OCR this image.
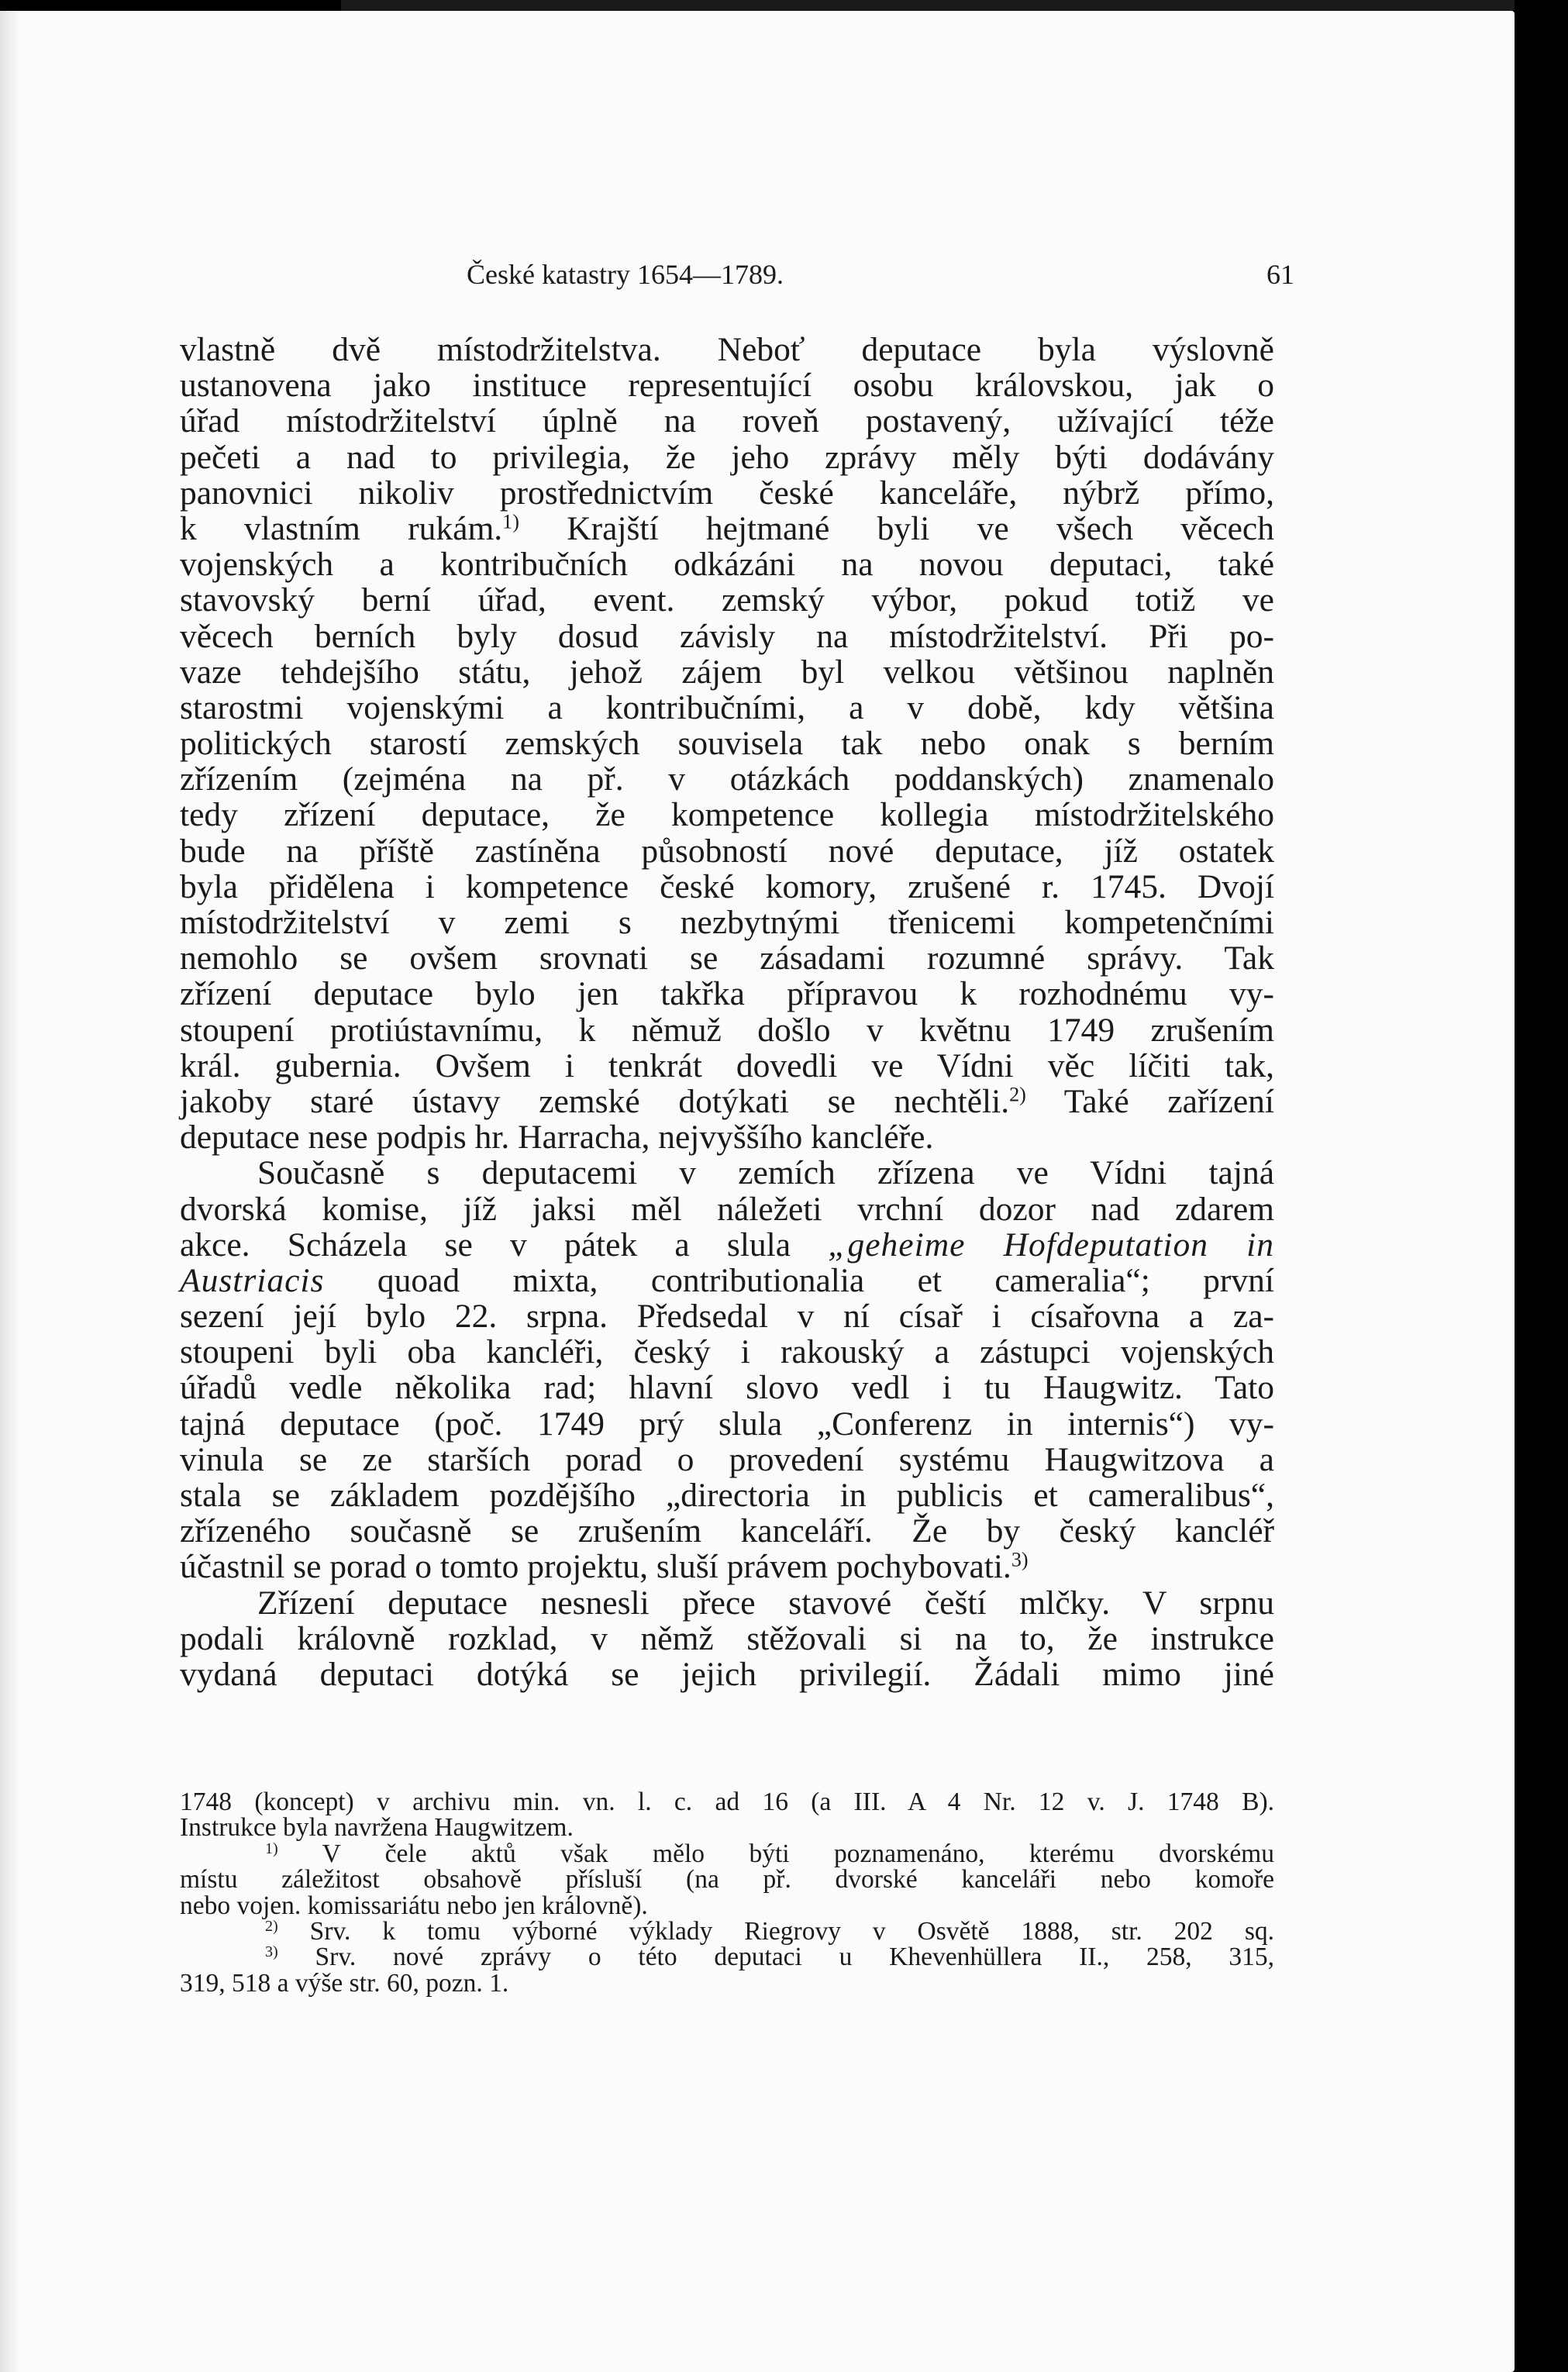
České katastry 1654—1789.	61
vlastně dvě místodržitelstva. Neboť deputace byla výslovně
ustanovena jako instituce representující osobu královskou, jak o
úřad místodržitelství úplně na roveň postavený, užívající téže
pečeti a nad to privilegia, že jeho zprávy měly býti dodávány
panovnici nikoliv prostřednictvím české kanceláře, nýbrž přímo,
k vlastním rukám.$^{1)}$ Krajští hejtmané byli ve všech věcech
vojenských a kontribučních odkázáni na novou deputaci, také
stavovský berní úřad, event. zemský výbor, pokud totiž ve
věcech berních byly dosud závisly na místodržitelství. Při po-
vaze tehdejšího státu, jehož zájem byl velkou většinou naplněn
starostmi vojenskými a kontribučními, a v době, kdy většina
politických starostí zemských souvisela tak nebo onak s berním
zřízením (zejména na př. v otázkách poddanských) znamenalo
tedy zřízení deputace, že kompetence kollegia místodržitelského
bude na příště zastíněna působností nové deputace, jíž ostatek
byla přidělena i kompetence české komory, zrušené r. 1745. Dvojí
místodržitelství v zemi s nezbytnými třenicemi kompetenčními
nemohlo se ovšem srovnati se zásadami rozumné správy. Tak
zřízení deputace bylo jen takřka přípravou k rozhodnému vy-
stoupení protiústavnímu, k němuž došlo v květnu 1749 zrušením
král. gubernia. Ovšem i tenkrát dovedli ve Vídni věc líčiti tak,
jakoby staré ústavy zemské dotýkati se nechtěli.$^{2)}$ Také zařízení
deputace nese podpis hr. Harracha, nejvyššího kancléře.
Současně s deputacemi v zemích zřízena ve Vídni tajná
dvorská komise, jíž jaksi měl náležeti vrchní dozor nad zdarem
akce. Scházela se v pátek a slula „geheime Hofdeputation in
Austriacis quoad mixta, contributionalia et cameralia“; první
sezení její bylo 22. srpna. Předsedal v ní císař i císařovna a za-
stoupeni byli oba kancléři, český i rakouský a zástupci vojenských
úřadů vedle několika rad; hlavní slovo vedl i tu Haugwitz. Tato
tajná deputace (poč. 1749 prý slula „Conferenz in internis“) vy-
vinula se ze starších porad o provedení systému Haugwitzova a
stala se základem pozdějšího „directoria in publicis et cameralibus“,
zřízeného současně se zrušením kanceláří. Že by český kancléř
účastnil se porad o tomto projektu, sluší právem pochybovati.$^{3)}$
Zřízení deputace nesnesli přece stavové čeští mlčky. V srpnu
podali královně rozklad, v němž stěžovali si na to, že instrukce
vydaná deputaci dotýká se jejich privilegií. Žádali mimo jiné
1748 (koncept) v archivu min. vn. l. c. ad 16 (a III. A 4 Nr. 12 v. J. 1748 B).
Instrukce byla navržena Haugwitzem.
$^{1)}$ V čele aktů však mělo býti poznamenáno, kterému dvorskému
místu záležitost obsahově přísluší (na př. dvorské kanceláři nebo komoře
nebo vojen. komissariátu nebo jen královně).
$^{2)}$ Srv. k tomu výborné výklady Riegrovy v Osvětě 1888, str. 202 sq.
$^{3)}$ Srv. nové zprávy o této deputaci u Khevenhüllera II., 258, 315,
319, 518 a výše str. 60, pozn. 1.
